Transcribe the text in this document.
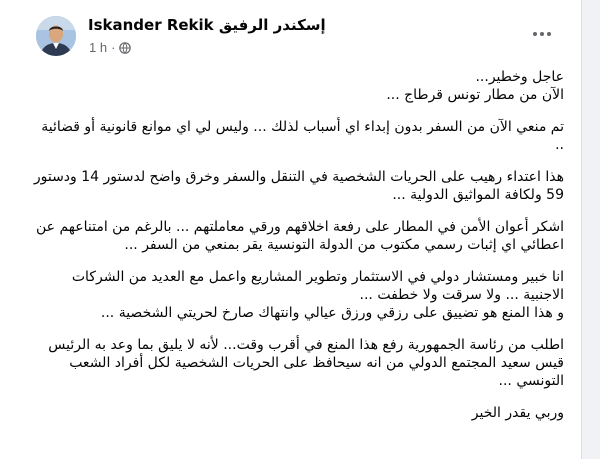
Iskander Rekik إسكندر الرفيق
1 h ·

عاجل وخطير...
الآن من مطار تونس قرطاج ...

تم منعي الآن من السفر بدون إبداء اي أسباب لذلك ... وليس لي اي موانع قانونية أو قضائية ..

هذا اعتداء رهيب على الحريات الشخصية في التنقل والسفر وخرق واضح لدستور 14 ودستور 59 ولكافة المواثيق الدولية ...

اشكر أعوان الأمن في المطار على رفعة اخلاقهم ورقي معاملتهم ... بالرغم من امتناعهم عن اعطائي اي إثبات رسمي مكتوب من الدولة التونسية يقر بمنعي من السفر ...

انا خبير ومستشار دولي في الاستثمار وتطوير المشاريع واعمل مع العديد من الشركات الاجنبية ... ولا سرقت ولا خطفت ...

و هذا المنع هو تضييق على رزقي ورزق عيالي وانتهاك صارخ لحريتي الشخصية ...

اطلب من رئاسة الجمهورية رفع هذا المنع في أقرب وقت... لأنه لا يليق بما وعد به الرئيس قيس سعيد المجتمع الدولي من انه سيحافظ على الحريات الشخصية لكل أفراد الشعب التونسي ...

وربي يقدر الخير
